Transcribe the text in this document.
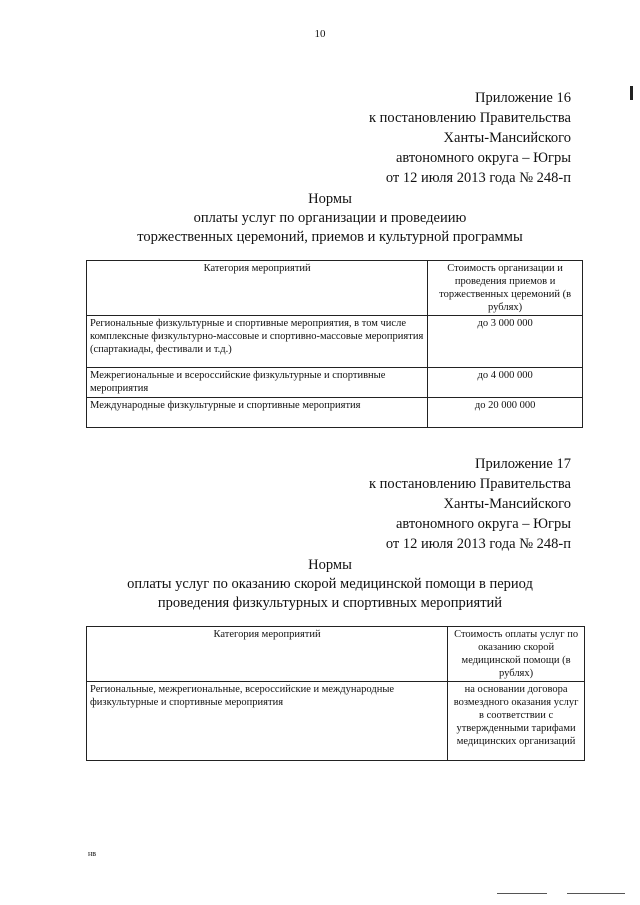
10
Приложение 16
к постановлению Правительства
Ханты-Мансийского
автономного округа – Югры
от 12 июля 2013 года № 248-п
Нормы
оплаты услуг по организации и проведеиию
торжественных церемоний, приемов и культурной программы
Категория мероприятий	Стоимость организации и проведения приемов и торжественных церемоний (в рублях)
Региональные физкультурные и спортивные мероприятия, в том числе комплексные физкультурно-массовые и спортивно-массовые мероприятия (спартакиады, фестивали и т.д.)	до 3 000 000
Межрегиональные и всероссийские физкультурные и спортивные мероприятия	до 4 000 000
Международные физкультурные и спортивные мероприятия	до 20 000 000
Приложение 17
к постановлению Правительства
Ханты-Мансийского
автономного округа – Югры
от 12 июля 2013 года № 248-п
Нормы
оплаты услуг по оказанию скорой медицинской помощи в период
проведения физкультурных и спортивных мероприятий
Категория мероприятий	Стоимость оплаты услуг по оказанию скорой медицинской помощи (в рублях)
Региональные, межрегиональные, всероссийские и международные физкультурные и спортивные мероприятия	на основании договора возмездного оказания услуг в соответствии с утвержденными тарифами медицинских организаций
нв
